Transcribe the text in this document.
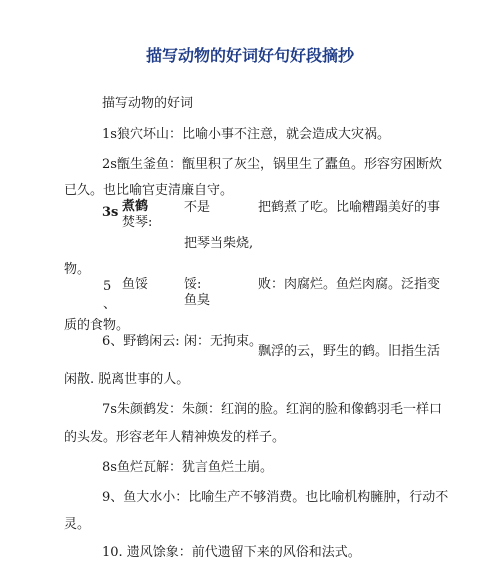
描写动物的好词好句好段摘抄
描写动物的好词
1s狼穴坏山：比喻小事不注意，就会造成大灾祸。
2s甑生釜鱼：甑里积了灰尘，锅里生了蠹鱼。形容穷困断炊
已久。也比喻官吏清廉自守。
3s 煮鹤
焚琴:
不是	把鹤煮了吃。比喻糟蹋美好的事
把琴当柴烧,
物。
5
、
鱼馁	馁:
鱼臭
败：肉腐烂。鱼烂肉腐。泛指变
质的食物。
6、野鹤闲云: 闲：无拘束。
飘浮的云，野生的鹤。旧指生活
闲散. 脱离世事的人。
7s朱颜鹤发：朱颜：红润的脸。红润的脸和像鹤羽毛一样口
的头发。形容老年人精神焕发的样子。
8s鱼烂瓦解：犹言鱼烂土崩。
9、鱼大水小：比喻生产不够消费。也比喻机构臃肿，行动不
灵。
10. 遗风馀象：前代遗留下来的风俗和法式。
